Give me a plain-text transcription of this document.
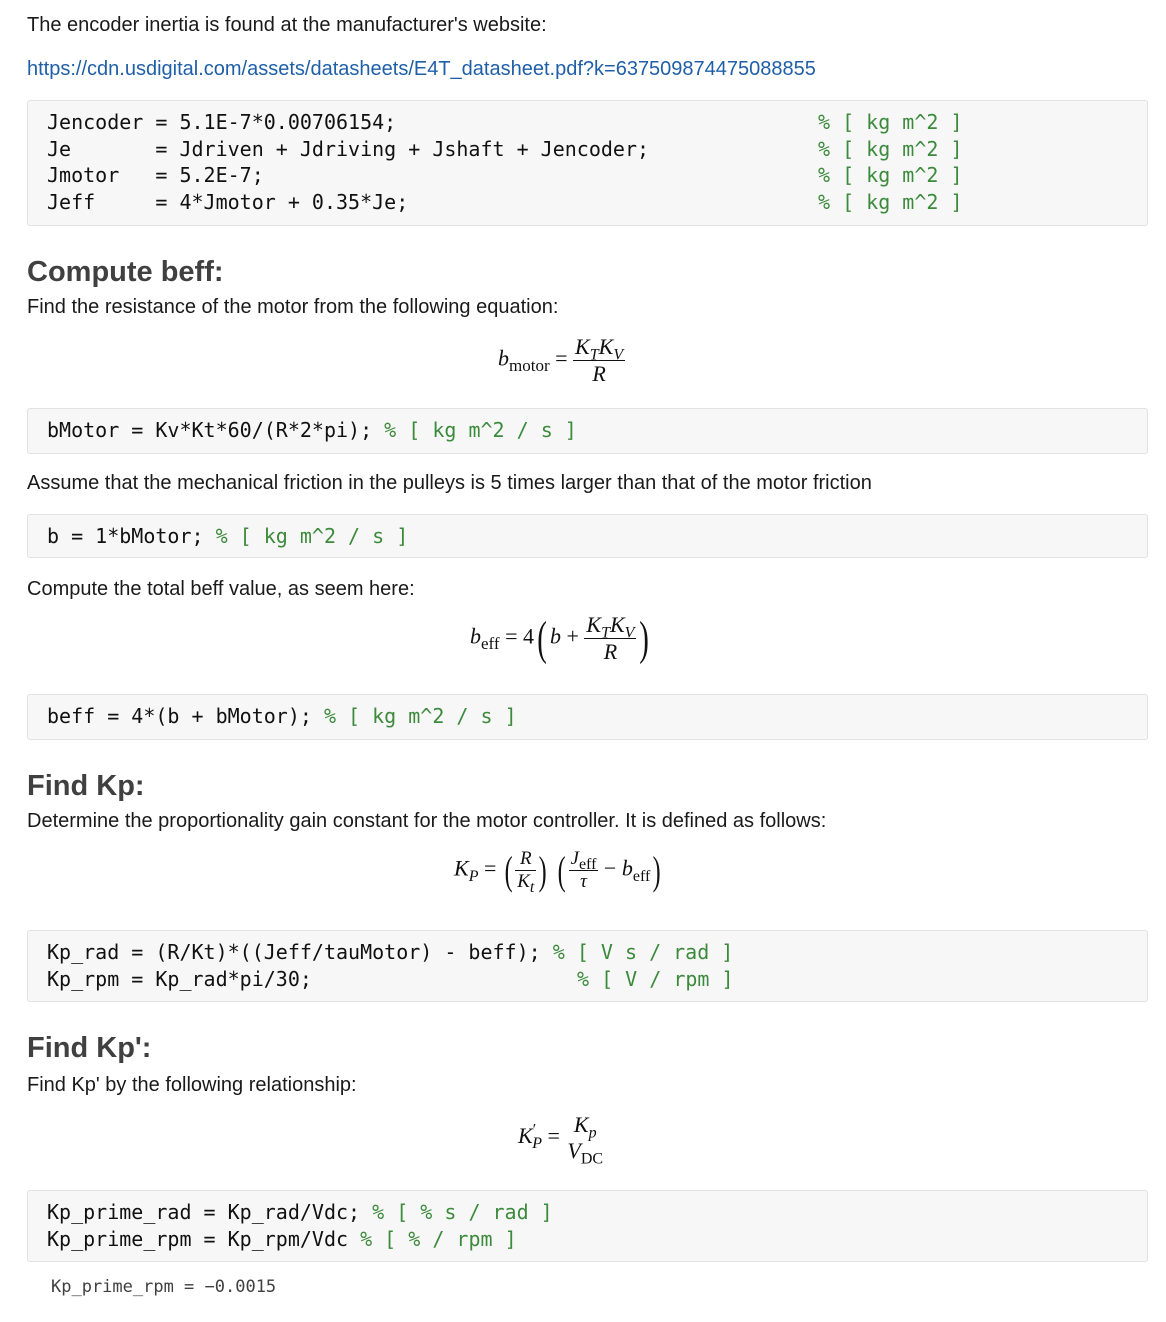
The encoder inertia is found at the manufacturer's website:

https://cdn.usdigital.com/assets/datasheets/E4T_datasheet.pdf?k=637509874475088855

Jencoder = 5.1E-7*0.00706154;	% [ kg m^2 ]
Je       = Jdriven + Jdriving + Jshaft + Jencoder;	% [ kg m^2 ]
Jmotor   = 5.2E-7;	% [ kg m^2 ]
Jeff     = 4*Jmotor + 0.35*Je;	% [ kg m^2 ]
Compute beff:

Find the resistance of the motor from the following equation:

$b_{motor} = \frac{K_TK_V}{R}$
bMotor = Kv*Kt*60/(R*2*pi); % [ kg m^2 / s ]

Assume that the mechanical friction in the pulleys is 5 times larger than that of the motor friction

b = 1*bMotor; % [ kg m^2 / s ]

Compute the total beff value, as seem here:

$b_{eff} = 4$( $b + \frac{K_TK_V}{R}$ )
beff = 4*(b + bMotor); % [ kg m^2 / s ]
Find Kp:

Determine the proportionality gain constant for the motor controller. It is defined as follows:

$K_P$ = ( $\frac{R}{K_t}$ ) ( $\frac{J_{eff}}{\tau} - b_{eff}$)
Kp_rad = (R/Kt)*((Jeff/tauMotor) - beff); % [ V s / rad ]
Kp_rpm = Kp_rad*pi/30;	% [ V / rpm ]
Find Kp':

Find Kp' by the following relationship:

$K'_P = K_p$
$V_{DC}$
Kp_prime_rad = Kp_rad/Vdc; % [ % s / rad ]
Kp_prime_rpm = Kp_rpm/Vdc % [ % / rpm ]
Kp_prime_rpm = −0.0015
